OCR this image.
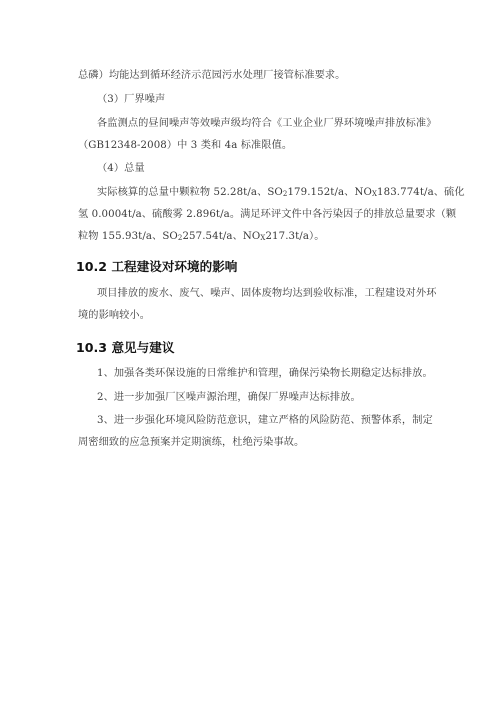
总磷）均能达到循环经济示范园污水处理厂接管标准要求。
（3）厂界噪声
各监测点的昼间噪声等效噪声级均符合《工业企业厂界环境噪声排放标准》
（GB12348-2008）中 3 类和 4a 标准限值。
（4）总量
实际核算的总量中颗粒物 52.28t/a、$SO_2179.152t/a$、$NO_X183.774t/a$、硫化
氢 0.0004t/a、硫酸雾 2.896t/a。满足环评文件中各污染因子的排放总量要求（颗
粒物 155.93t/a、$SO_2257.54t/a$、$NO_X217.3t/a$）。
10.2 工程建设对环境的影响
项目排放的废水、废气、噪声、固体废物均达到验收标准，工程建设对外环
境的影响较小。
10.3 意见与建议
1、加强各类环保设施的日常维护和管理，确保污染物长期稳定达标排放。
2、进一步加强厂区噪声源治理，确保厂界噪声达标排放。
3、进一步强化环境风险防范意识，建立严格的风险防范、预警体系，制定
周密细致的应急预案并定期演练，杜绝污染事故。
